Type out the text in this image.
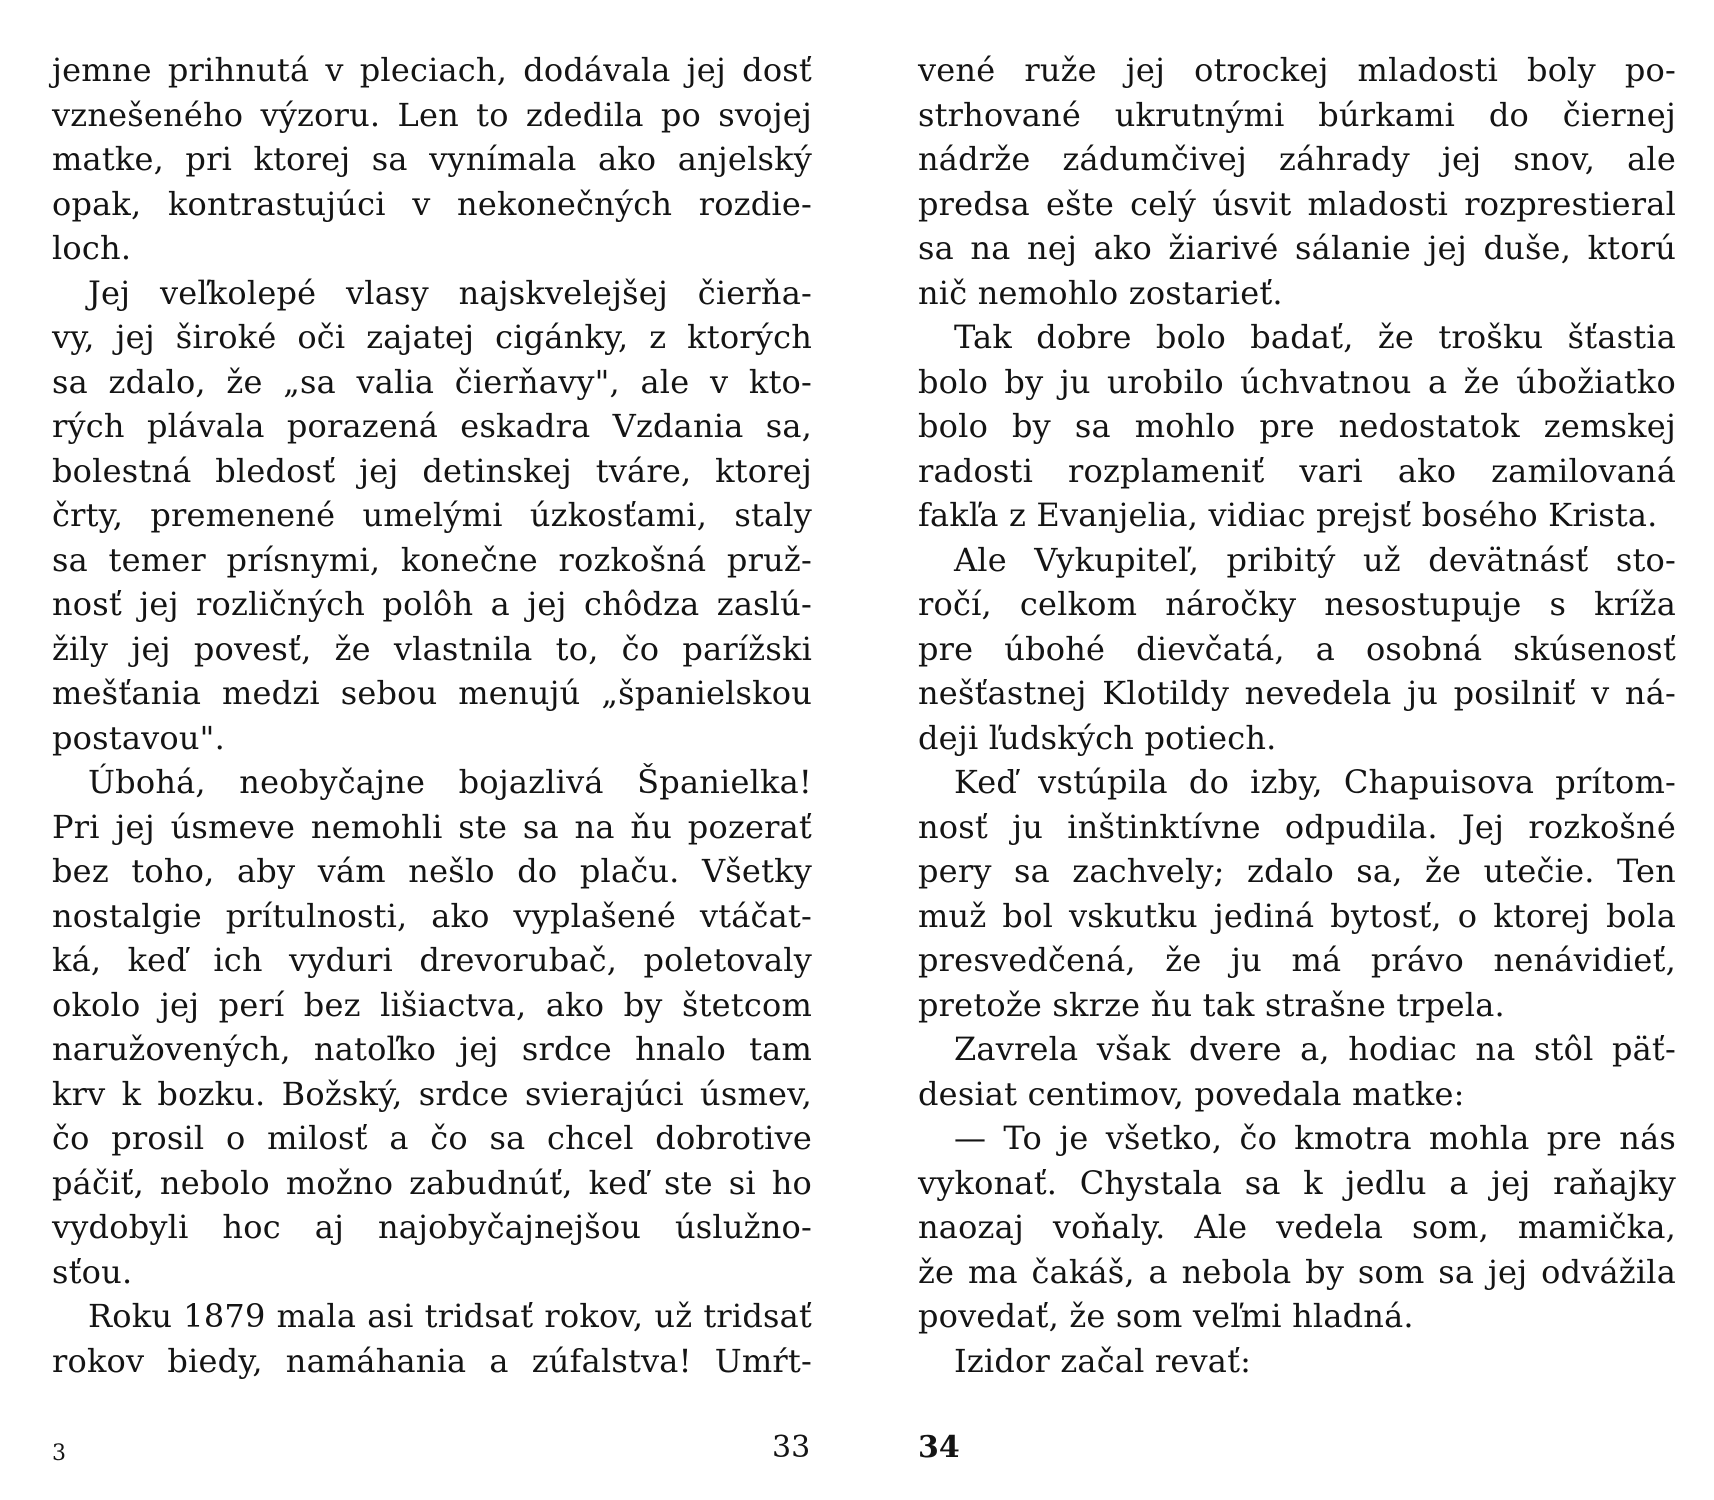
jemne prihnutá v pleciach, dodávala jej dosť
vznešeného výzoru. Len to zdedila po svojej
matke, pri ktorej sa vynímala ako anjelský
opak, kontrastujúci v nekonečných rozdie-
loch.
Jej veľkolepé vlasy najskvelejšej čierňa-
vy, jej široké oči zajatej cigánky, z ktorých
sa zdalo, že „sa valia čierňavy", ale v kto-
rých plávala porazená eskadra Vzdania sa,
bolestná bledosť jej detinskej tváre, ktorej
črty, premenené umelými úzkosťami, staly
sa temer prísnymi, konečne rozkošná pruž-
nosť jej rozličných polôh a jej chôdza zaslú-
žily jej povesť, že vlastnila to, čo parížski
mešťania medzi sebou menujú „španielskou
postavou".
Úbohá, neobyčajne bojazlivá Španielka!
Pri jej úsmeve nemohli ste sa na ňu pozerať
bez toho, aby vám nešlo do plaču. Všetky
nostalgie prítulnosti, ako vyplašené vtáčat-
ká, keď ich vyduri drevorubač, poletovaly
okolo jej perí bez lišiactva, ako by štetcom
naružovených, natoľko jej srdce hnalo tam
krv k bozku. Božský, srdce svierajúci úsmev,
čo prosil o milosť a čo sa chcel dobrotive
páčiť, nebolo možno zabudnúť, keď ste si ho
vydobyli hoc aj najobyčajnejšou úslužno-
sťou.
Roku 1879 mala asi tridsať rokov, už tridsať
rokov biedy, namáhania a zúfalstva! Umŕt-
vené ruže jej otrockej mladosti boly po-
strhované ukrutnými búrkami do čiernej
nádrže zádumčivej záhrady jej snov, ale
predsa ešte celý úsvit mladosti rozprestieral
sa na nej ako žiarivé sálanie jej duše, ktorú
nič nemohlo zostarieť.
Tak dobre bolo badať, že trošku šťastia
bolo by ju urobilo úchvatnou a že úbožiatko
bolo by sa mohlo pre nedostatok zemskej
radosti rozplameniť vari ako zamilovaná
fakľa z Evanjelia, vidiac prejsť bosého Krista.
Ale Vykupiteľ, pribitý už devätnásť sto-
ročí, celkom náročky nesostupuje s kríža
pre úbohé dievčatá, a osobná skúsenosť
nešťastnej Klotildy nevedela ju posilniť v ná-
deji ľudských potiech.
Keď vstúpila do izby, Chapuisova prítom-
nosť ju inštinktívne odpudila. Jej rozkošné
pery sa zachvely; zdalo sa, že utečie. Ten
muž bol vskutku jediná bytosť, o ktorej bola
presvedčená, že ju má právo nenávidieť,
pretože skrze ňu tak strašne trpela.
Zavrela však dvere a, hodiac na stôl päť-
desiat centimov, povedala matke:
— To je všetko, čo kmotra mohla pre nás
vykonať. Chystala sa k jedlu a jej raňajky
naozaj voňaly. Ale vedela som, mamička,
že ma čakáš, a nebola by som sa jej odvážila
povedať, že som veľmi hladná.
Izidor začal revať:
3	33	34
